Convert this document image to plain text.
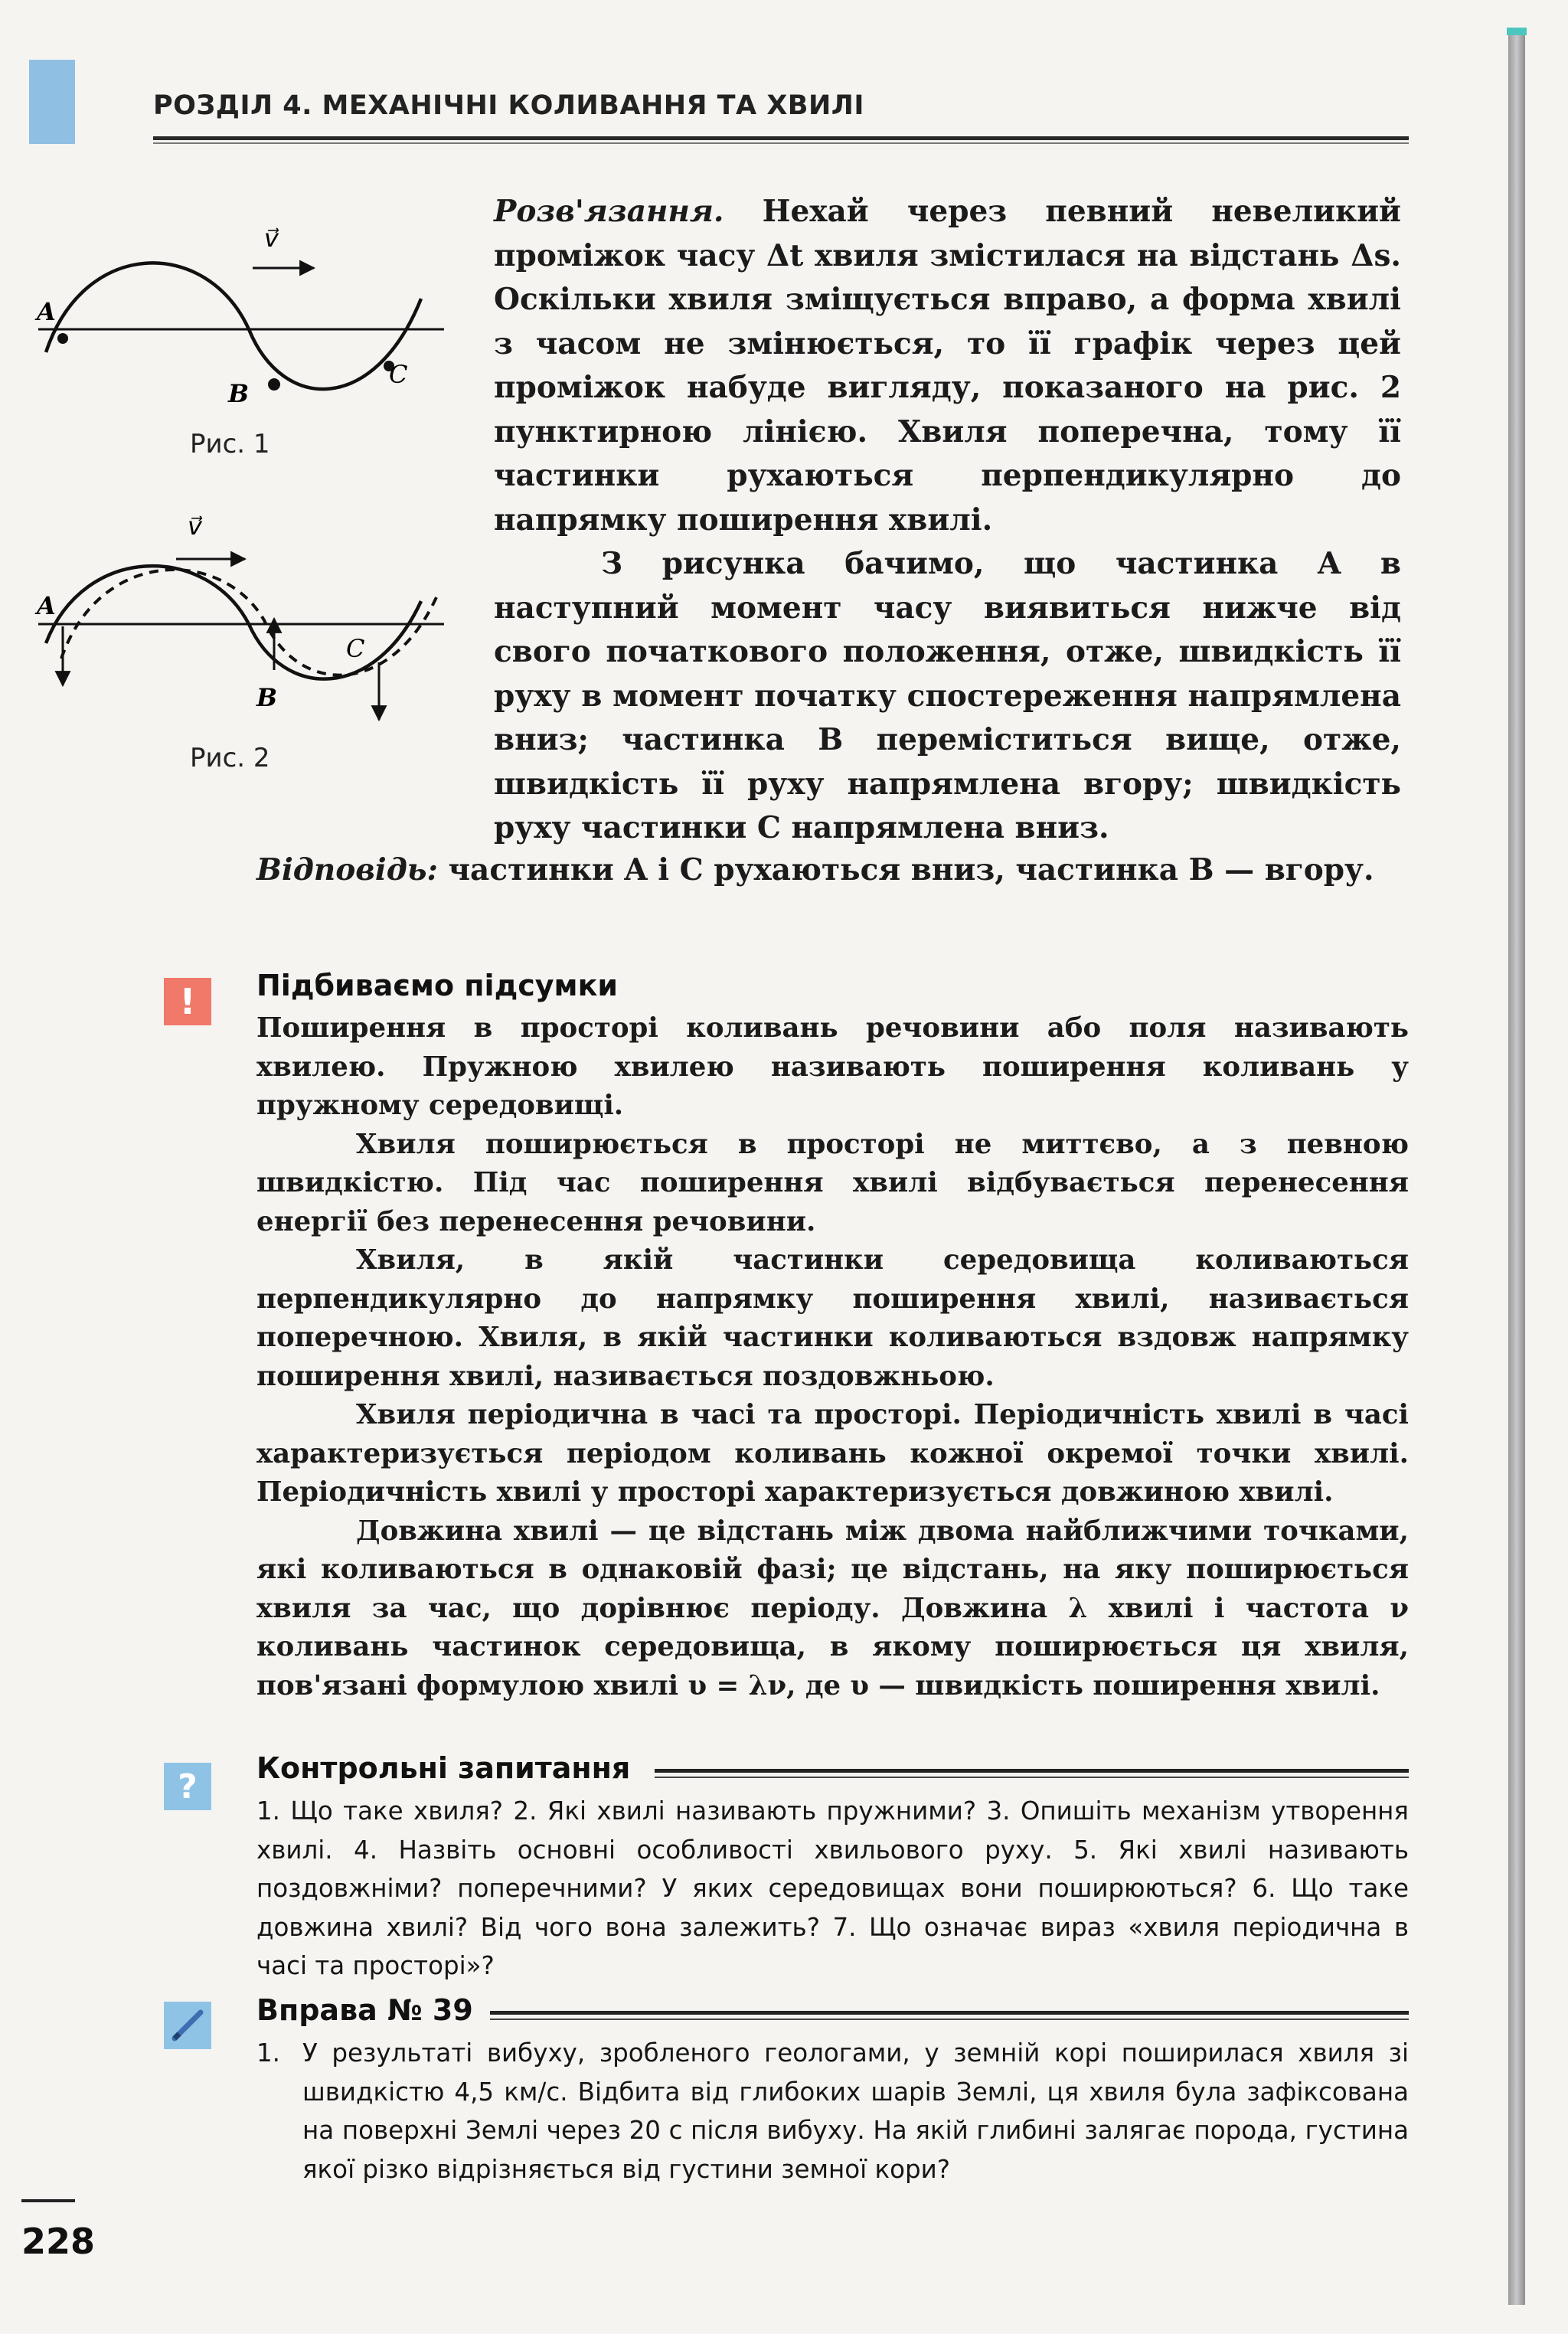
РОЗДІЛ 4. МЕХАНІЧНІ КОЛИВАННЯ ТА ХВИЛІ
v⃗
A
B
C
Рис. 1
v⃗
A
B
C
Рис. 2

Розв'язання. Нехай через певний невеликий проміжок часу Δt хвиля змістилася на відстань Δs. Оскільки хвиля зміщується вправо, а форма хвилі з часом не змінюється, то її графік через цей проміжок набуде вигляду, показаного на рис. 2 пунктирною лінією. Хвиля поперечна, тому її частинки рухаються перпендикулярно до напрямку поширення хвилі.

З рисунка бачимо, що частинка A в наступний момент часу виявиться нижче від свого початкового положення, отже, швидкість її руху в момент початку спостереження напрямлена вниз; частинка B переміститься вище, отже, швидкість її руху напрямлена вгору; швидкість руху частинки C напрямлена вниз.

Відповідь: частинки A і C рухаються вниз, частинка B — вгору.
!	Підбиваємо підсумки

Поширення в просторі коливань речовини або поля називають хвилею. Пружною хвилею називають поширення коливань у пружному середовищі.

Хвиля поширюється в просторі не миттєво, а з певною швидкістю. Під час поширення хвилі відбувається перенесення енергії без перенесення речовини.

Хвиля, в якій частинки середовища коливаються перпендикулярно до напрямку поширення хвилі, називається поперечною. Хвиля, в якій частинки коливаються вздовж напрямку поширення хвилі, називається поздовжньою.

Хвиля періодична в часі та просторі. Періодичність хвилі в часі характеризується періодом коливань кожної окремої точки хвилі. Періодичність хвилі у просторі характеризується довжиною хвилі.

Довжина хвилі — це відстань між двома найближчими точками, які коливаються в однаковій фазі; це відстань, на яку поширюється хвиля за час, що дорівнює періоду. Довжина λ хвилі і частота ν коливань частинок середовища, в якому поширюється ця хвиля, пов'язані формулою хвилі υ = λν, де υ — швидкість поширення хвилі.

?	Контрольні запитання

1. Що таке хвиля? 2. Які хвилі називають пружними? 3. Опишіть механізм утворення хвилі. 4. Назвіть основні особливості хвильового руху. 5. Які хвилі називають поздовжніми? поперечними? У яких середовищах вони поширюються? 6. Що таке довжина хвилі? Від чого вона залежить? 7. Що означає вираз «хвиля періодична в часі та просторі»?

Вправа № 39
1. У результаті вибуху, зробленого геологами, у земній корі поширилася хвиля зі швидкістю 4,5 км/с. Відбита від глибоких шарів Землі, ця хвиля була зафіксована на поверхні Землі через 20 с після вибуху. На якій глибині залягає порода, густина якої різко відрізняється від густини земної кори?
228
